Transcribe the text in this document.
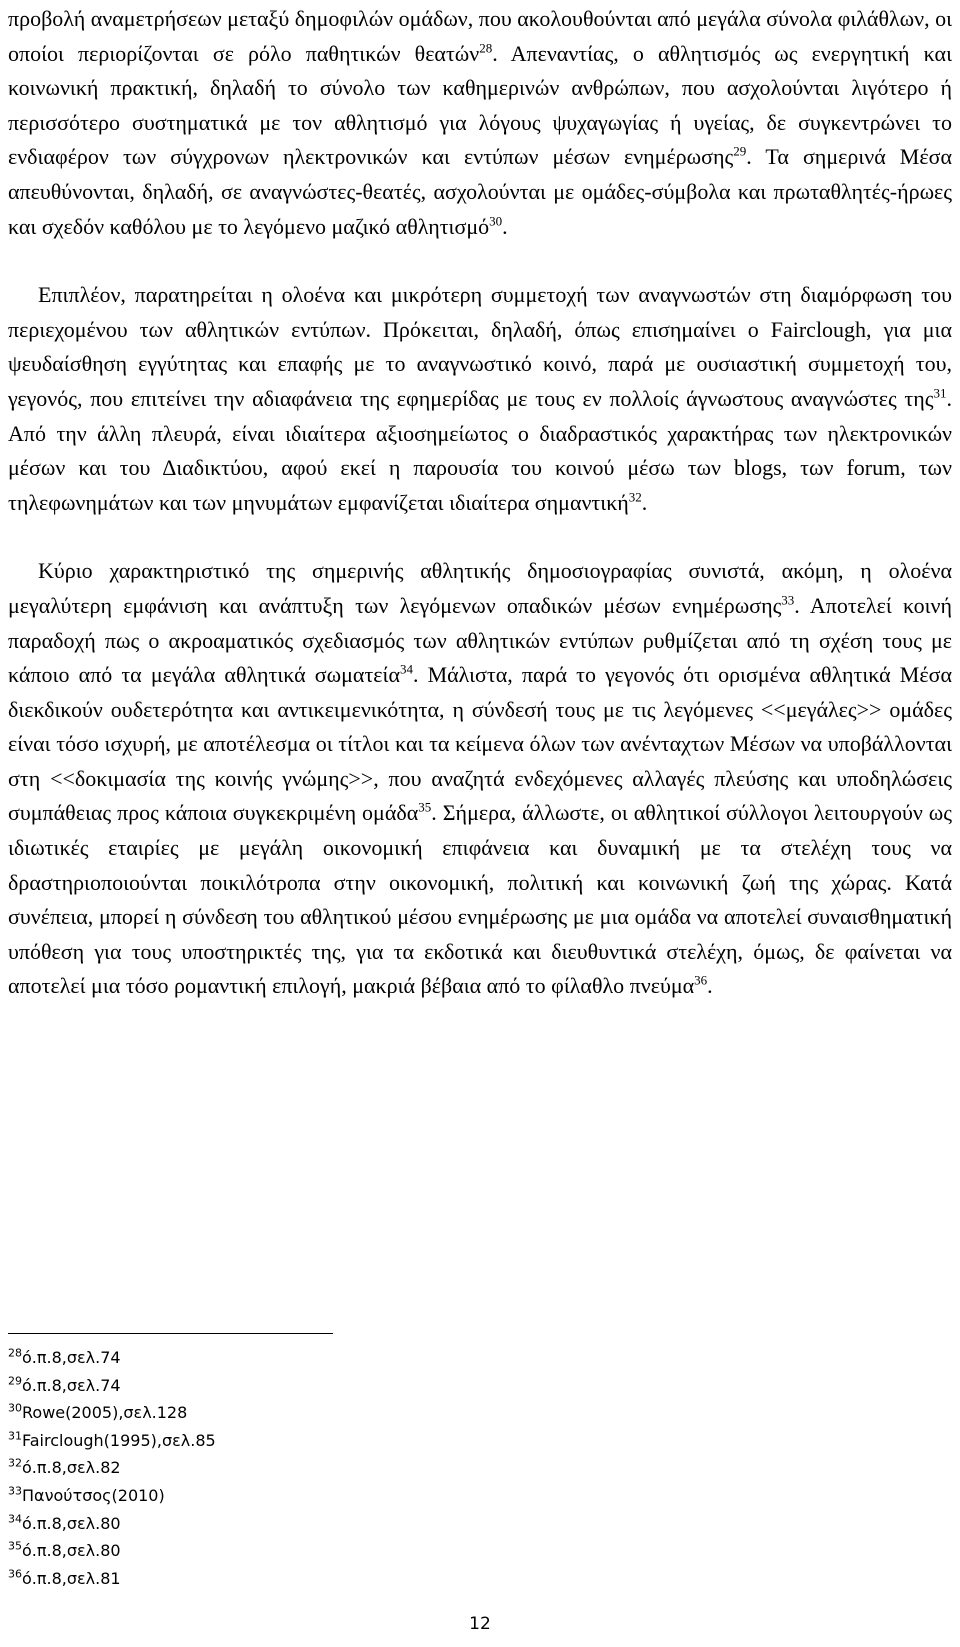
προβολή αναμετρήσεων μεταξύ δημοφιλών ομάδων, που ακολουθούνται από μεγάλα σύνολα φιλάθλων, οι οποίοι περιορίζονται σε ρόλο παθητικών θεατών$^{28}$. Απεναντίας, ο αθλητισμός ως ενεργητική και κοινωνική πρακτική, δηλαδή το σύνολο των καθημερινών ανθρώπων, που ασχολούνται λιγότερο ή περισσότερο συστηματικά με τον αθλητισμό για λόγους ψυχαγωγίας ή υγείας, δε συγκεντρώνει το ενδιαφέρον των σύγχρονων ηλεκτρονικών και εντύπων μέσων ενημέρωσης$^{29}$. Τα σημερινά Μέσα απευθύνονται, δηλαδή, σε αναγνώστες-θεατές, ασχολούνται με ομάδες-σύμβολα και πρωταθλητές-ήρωες και σχεδόν καθόλου με το λεγόμενο μαζικό αθλητισμό$^{30}$.

Επιπλέον, παρατηρείται η ολοένα και μικρότερη συμμετοχή των αναγνωστών στη διαμόρφωση του περιεχομένου των αθλητικών εντύπων. Πρόκειται, δηλαδή, όπως επισημαίνει ο Fairclough, για μια ψευδαίσθηση εγγύτητας και επαφής με το αναγνωστικό κοινό, παρά με ουσιαστική συμμετοχή του, γεγονός, που επιτείνει την αδιαφάνεια της εφημερίδας με τους εν πολλοίς άγνωστους αναγνώστες της$^{31}$. Από την άλλη πλευρά, είναι ιδιαίτερα αξιοσημείωτος ο διαδραστικός χαρακτήρας των ηλεκτρονικών μέσων και του Διαδικτύου, αφού εκεί η παρουσία του κοινού μέσω των blogs, των forum, των τηλεφωνημάτων και των μηνυμάτων εμφανίζεται ιδιαίτερα σημαντική$^{32}$.

Κύριο χαρακτηριστικό της σημερινής αθλητικής δημοσιογραφίας συνιστά, ακόμη, η ολοένα μεγαλύτερη εμφάνιση και ανάπτυξη των λεγόμενων οπαδικών μέσων ενημέρωσης$^{33}$. Αποτελεί κοινή παραδοχή πως ο ακροαματικός σχεδιασμός των αθλητικών εντύπων ρυθμίζεται από τη σχέση τους με κάποιο από τα μεγάλα αθλητικά σωματεία$^{34}$. Μάλιστα, παρά το γεγονός ότι ορισμένα αθλητικά Μέσα διεκδικούν ουδετερότητα και αντικειμενικότητα, η σύνδεσή τους με τις λεγόμενες <<μεγάλες>> ομάδες είναι τόσο ισχυρή, με αποτέλεσμα οι τίτλοι και τα κείμενα όλων των ανένταχτων Μέσων να υποβάλλονται στη <<δοκιμασία της κοινής γνώμης>>, που αναζητά ενδεχόμενες αλλαγές πλεύσης και υποδηλώσεις συμπάθειας προς κάποια συγκεκριμένη ομάδα$^{35}$. Σήμερα, άλλωστε, οι αθλητικοί σύλλογοι λειτουργούν ως ιδιωτικές εταιρίες με μεγάλη οικονομική επιφάνεια και δυναμική με τα στελέχη τους να δραστηριοποιούνται ποικιλότροπα στην οικονομική, πολιτική και κοινωνική ζωή της χώρας. Κατά συνέπεια, μπορεί η σύνδεση του αθλητικού μέσου ενημέρωσης με μια ομάδα να αποτελεί συναισθηματική υπόθεση για τους υποστηρικτές της, για τα εκδοτικά και διευθυντικά στελέχη, όμως, δε φαίνεται να αποτελεί μια τόσο ρομαντική επιλογή, μακριά βέβαια από το φίλαθλο πνεύμα$^{36}$.

$^{28}$ό.π.8,σελ.74
$^{29}$ό.π.8,σελ.74
$^{30}$Rowe(2005),σελ.128
$^{31}$Fairclough(1995),σελ.85
$^{32}$ό.π.8,σελ.82
$^{33}$Πανούτσος(2010)
$^{34}$ό.π.8,σελ.80
$^{35}$ό.π.8,σελ.80
$^{36}$ό.π.8,σελ.81
12
